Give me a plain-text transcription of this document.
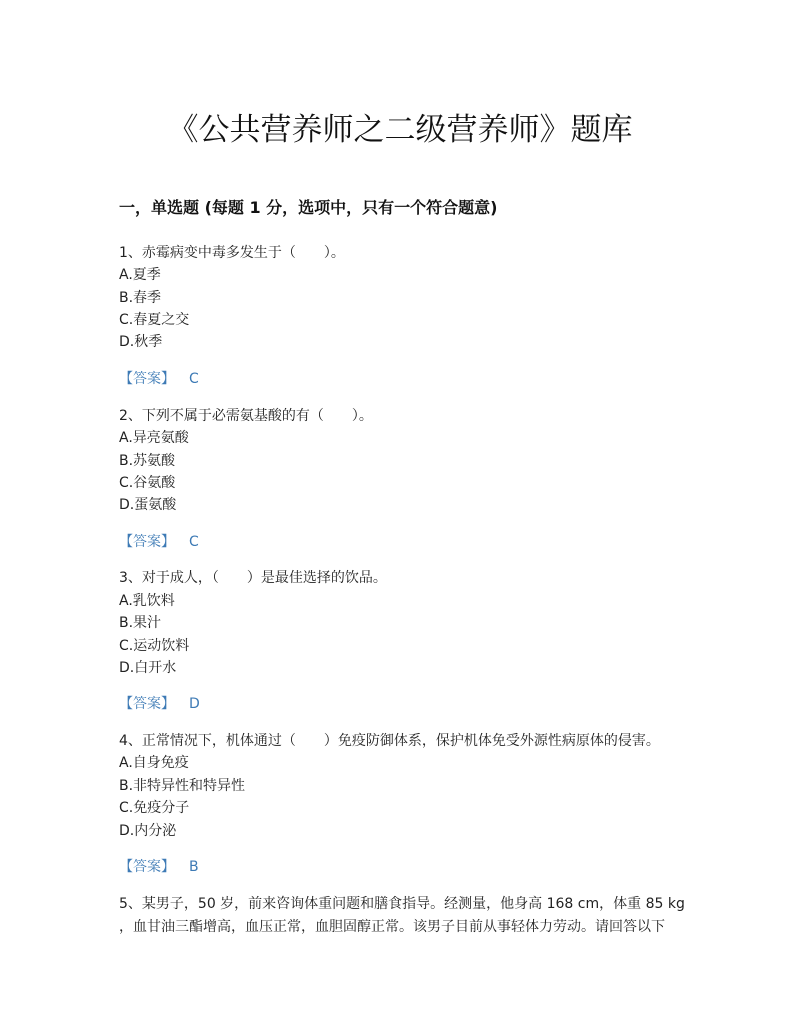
《公共营养师之二级营养师》题库
一，单选题 (每题 1 分，选项中，只有一个符合题意)
1、赤霉病变中毒多发生于（　　）。
A.夏季
B.春季
C.春夏之交
D.秋季
【答案】 C
2、下列不属于必需氨基酸的有（　　）。
A.异亮氨酸
B.苏氨酸
C.谷氨酸
D.蛋氨酸
【答案】 C
3、对于成人，（　　）是最佳选择的饮品。
A.乳饮料
B.果汁
C.运动饮料
D.白开水
【答案】 D
4、正常情况下，机体通过（　　）免疫防御体系，保护机体免受外源性病原体的侵害。
A.自身免疫
B.非特异性和特异性
C.免疫分子
D.内分泌
【答案】 B
5、某男子，50 岁，前来咨询体重问题和膳食指导。经测量，他身高 168 cm，体重 85 kg
，血甘油三酯增高，血压正常，血胆固醇正常。该男子目前从事轻体力劳动。请回答以下
